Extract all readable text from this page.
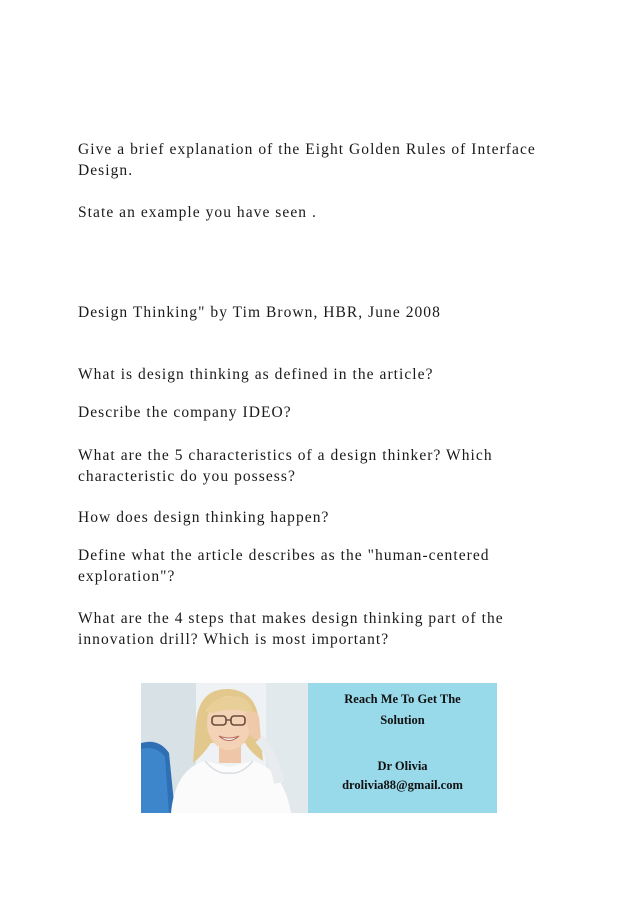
Give a brief explanation of the Eight Golden Rules of Interface
Design.

State an example you have seen .

Design Thinking" by Tim Brown, HBR, June 2008

What is design thinking as defined in the article?

Describe the company IDEO?

What are the 5 characteristics of a design thinker? Which
characteristic do you possess?

How does design thinking happen?

Define what the article describes as the "human-centered
exploration"?

What are the 4 steps that makes design thinking part of the
innovation drill? Which is most important?

Reach Me To Get The
Solution
Dr Olivia
drolivia88@gmail.com
